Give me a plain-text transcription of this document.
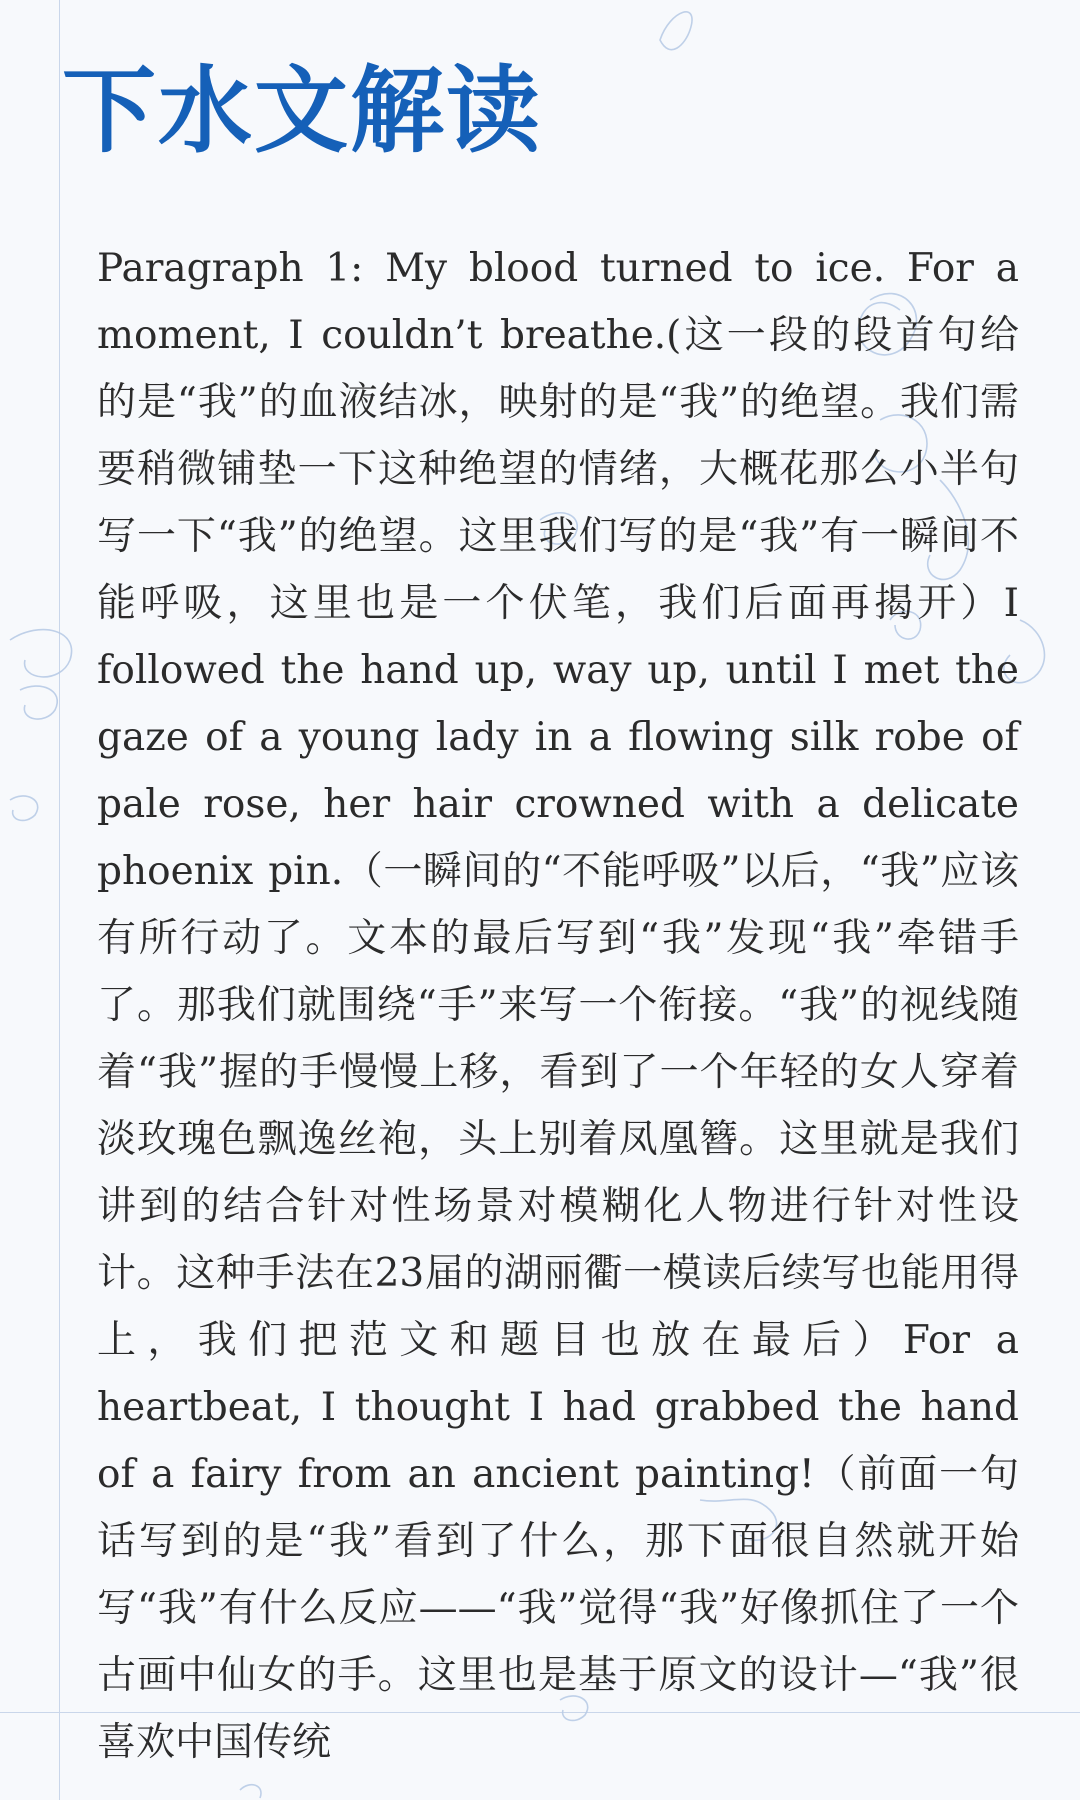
下水文解读

Paragraph 1: My blood turned to ice. For a moment, I couldn’t breathe.(这一段的段首句给的是“我”的血液结冰，映射的是“我”的绝望。我们需要稍微铺垫一下这种绝望的情绪，大概花那么小半句写一下“我”的绝望。这里我们写的是“我”有一瞬间不能呼吸，这里也是一个伏笔，我们后面再揭开）I followed the hand up, way up, until I met the gaze of a young lady in a flowing silk robe of pale rose, her hair crowned with a delicate phoenix pin.（一瞬间的“不能呼吸”以后，“我”应该有所行动了。文本的最后写到“我”发现“我”牵错手了。那我们就围绕“手”来写一个衔接。“我”的视线随着“我”握的手慢慢上移，看到了一个年轻的女人穿着淡玫瑰色飘逸丝袍，头上别着凤凰簪。这里就是我们讲到的结合针对性场景对模糊化人物进行针对性设计。这种手法在23届的湖丽衢一模读后续写也能用得上，我们把范文和题目也放在最后）For a heartbeat, I thought I had grabbed the hand of a fairy from an ancient painting!（前面一句话写到的是“我”看到了什么，那下面很自然就开始写“我”有什么反应——“我”觉得“我”好像抓住了一个古画中仙女的手。这里也是基于原文的设计—“我”很喜欢中国传统
